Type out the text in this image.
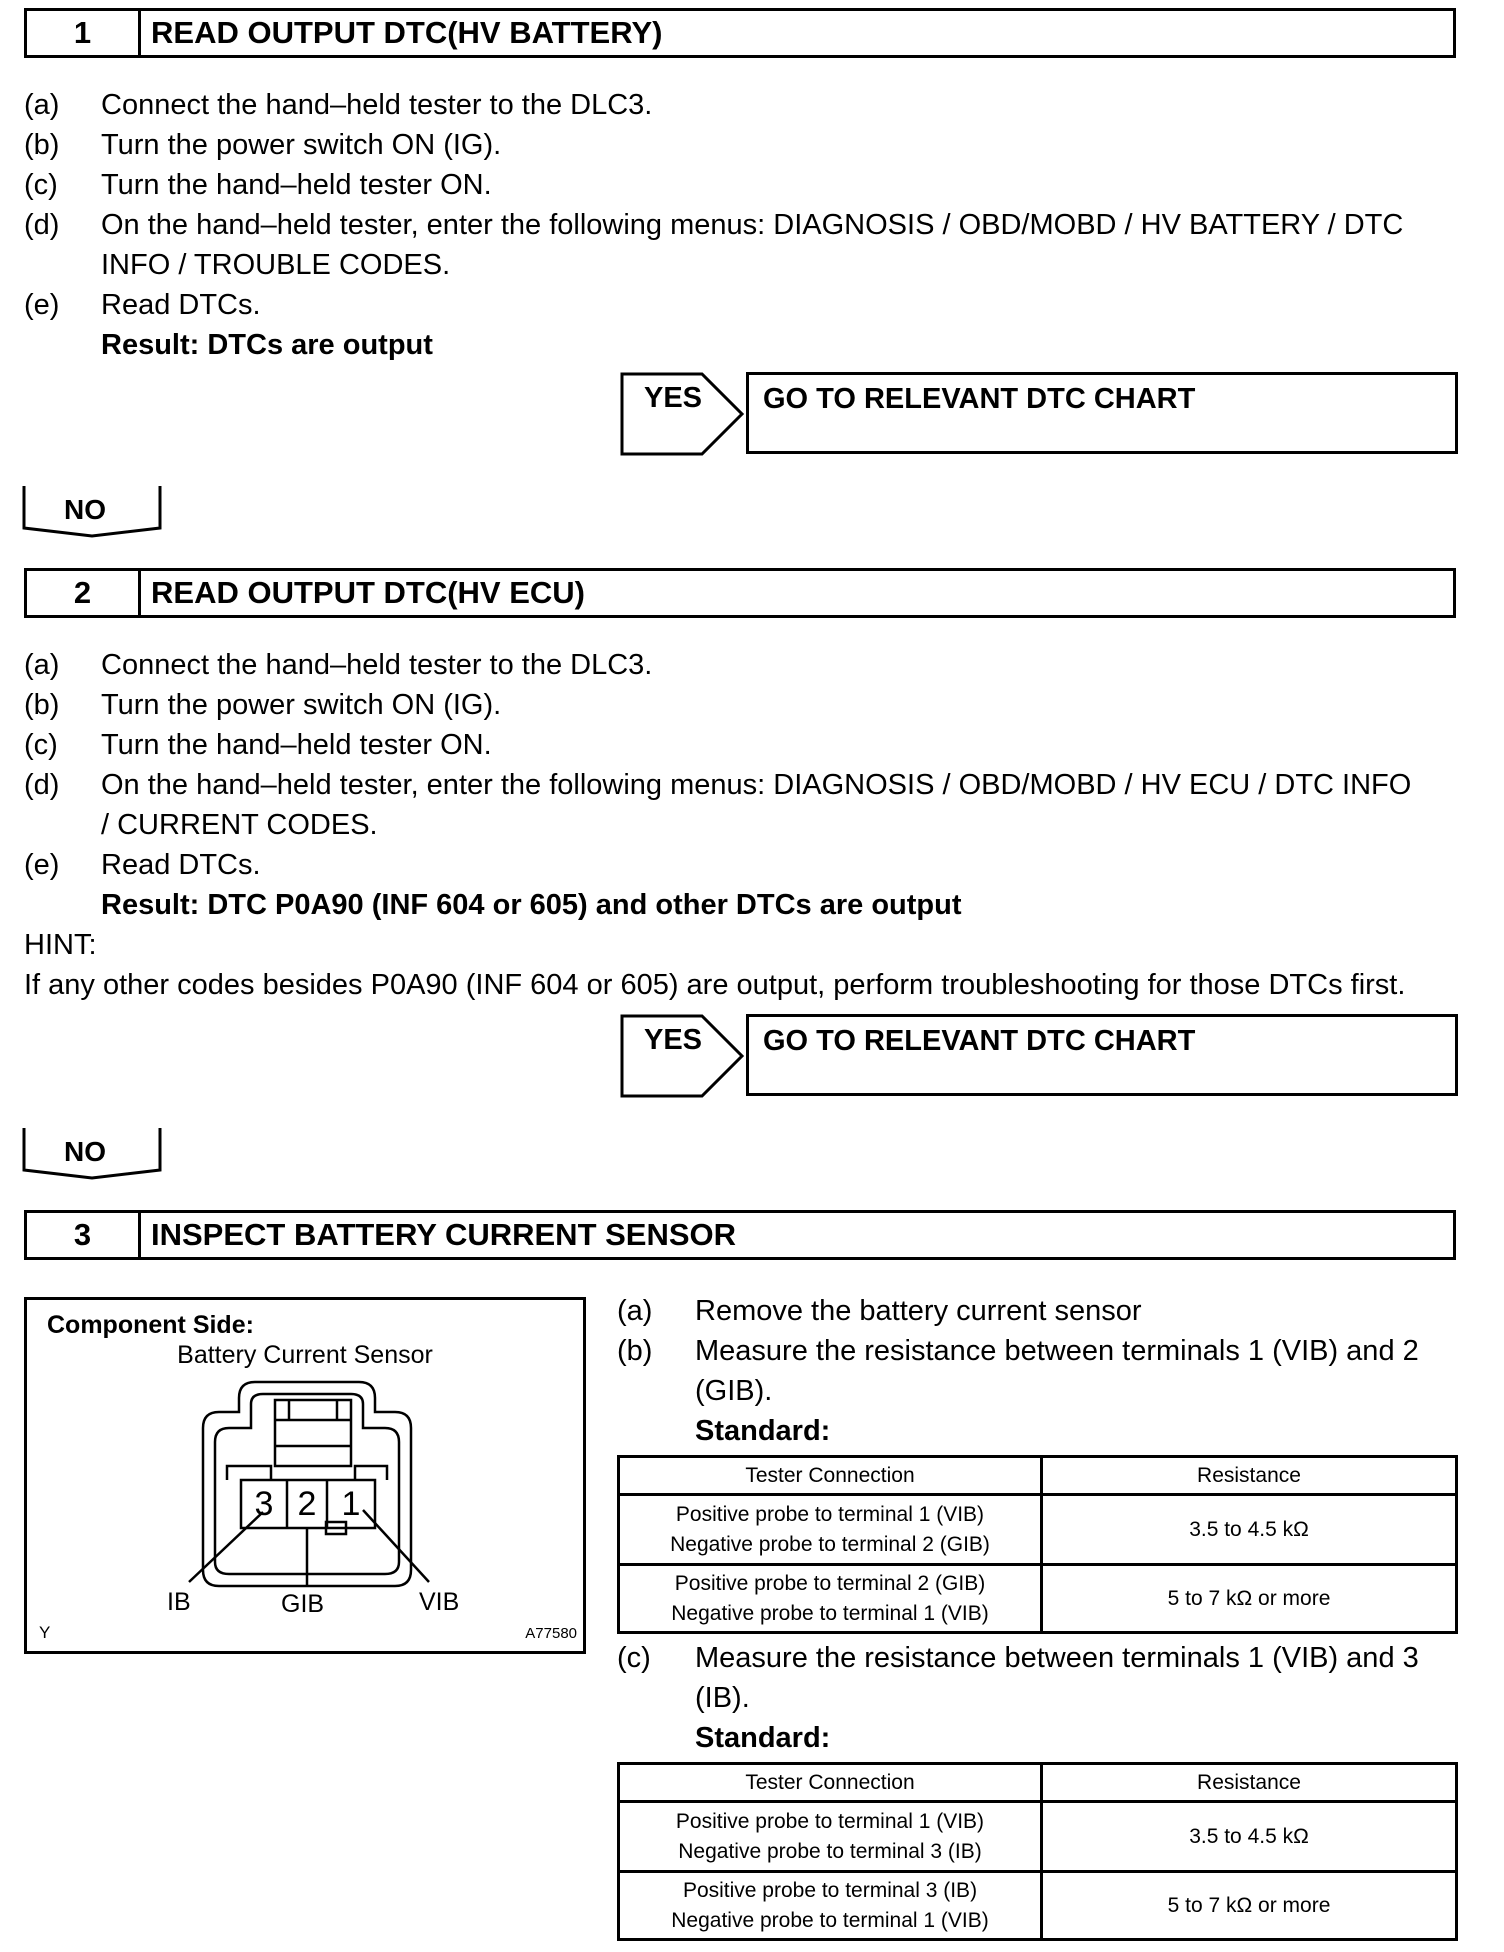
1	READ OUTPUT DTC(HV BATTERY)
(a) Connect the hand–held tester to the DLC3.
(b) Turn the power switch ON (IG).
(c) Turn the hand–held tester ON.
(d) On the hand–held tester, enter the following menus: DIAGNOSIS / OBD/MOBD / HV BATTERY / DTC
INFO / TROUBLE CODES.
(e) Read DTCs.
Result: DTCs are output
YES GO TO RELEVANT DTC CHART
NO
2	READ OUTPUT DTC(HV ECU)
(a) Connect the hand–held tester to the DLC3.
(b) Turn the power switch ON (IG).
(c) Turn the hand–held tester ON.
(d) On the hand–held tester, enter the following menus: DIAGNOSIS / OBD/MOBD / HV ECU / DTC INFO
/ CURRENT CODES.
(e) Read DTCs.
Result: DTC P0A90 (INF 604 or 605) and other DTCs are output
HINT:
If any other codes besides P0A90 (INF 604 or 605) are output, perform troubleshooting for those DTCs first.
YES GO TO RELEVANT DTC CHART
NO
3	INSPECT BATTERY CURRENT SENSOR
Component Side:
Battery Current Sensor
3 2 1
IB	GIB	VIB
Y	A77580
(a) Remove the battery current sensor
(b) Measure the resistance between terminals 1 (VIB) and 2
(GIB).
Standard:
Tester Connection	Resistance

Positive probe to terminal 1 (VIB)
Negative probe to terminal 2 (GIB)	3.5 to 4.5 kΩ

Positive probe to terminal 2 (GIB)
Negative probe to terminal 1 (VIB)	5 to 7 kΩ or more
(c) Measure the resistance between terminals 1 (VIB) and 3
(IB).
Standard:
Tester Connection	Resistance

Positive probe to terminal 1 (VIB)
Negative probe to terminal 3 (IB)	3.5 to 4.5 kΩ

Positive probe to terminal 3 (IB)
Negative probe to terminal 1 (VIB)	5 to 7 kΩ or more
